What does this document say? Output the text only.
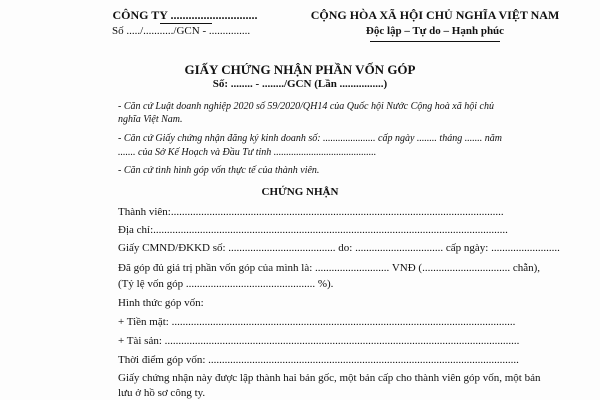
CÔNG TY .............................
Số ...../.........../GCN - ...............
CỘNG HÒA XÃ HỘI CHỦ NGHĨA VIỆT NAM
Độc lập – Tự do – Hạnh phúc
GIẤY CHỨNG NHẬN PHẦN VỐN GÓP
Số: ........ - ......../GCN (Lần ................)
- Căn cứ Luật doanh nghiệp 2020 số 59/2020/QH14 của Quốc hội Nước Cộng hoà xã hội chủ
nghĩa Việt Nam.
- Căn cứ Giấy chứng nhận đăng ký kinh doanh số: ..................... cấp ngày ........ tháng ....... năm
....... của Sở Kế Hoạch và Đầu Tư tỉnh .........................................
- Căn cứ tình hình góp vốn thực tế của thành viên.
CHỨNG NHẬN
Thành viên:.........................................................................................................................
Địa chỉ:.................................................................................................................................
Giấy CMND/ĐKKD số: ....................................... do: ................................ cấp ngày: .........................
Đã góp đủ giá trị phần vốn góp của mình là: ........................... VNĐ (................................ chẵn),
(Tỷ lệ vốn góp ............................................... %).
Hình thức góp vốn:
+ Tiền mặt: .............................................................................................................................
+ Tài sản: .................................................................................................................................
Thời điểm góp vốn: .................................................................................................................
Giấy chứng nhận này được lập thành hai bản gốc, một bản cấp cho thành viên góp vốn, một bản
lưu ở hồ sơ công ty.
